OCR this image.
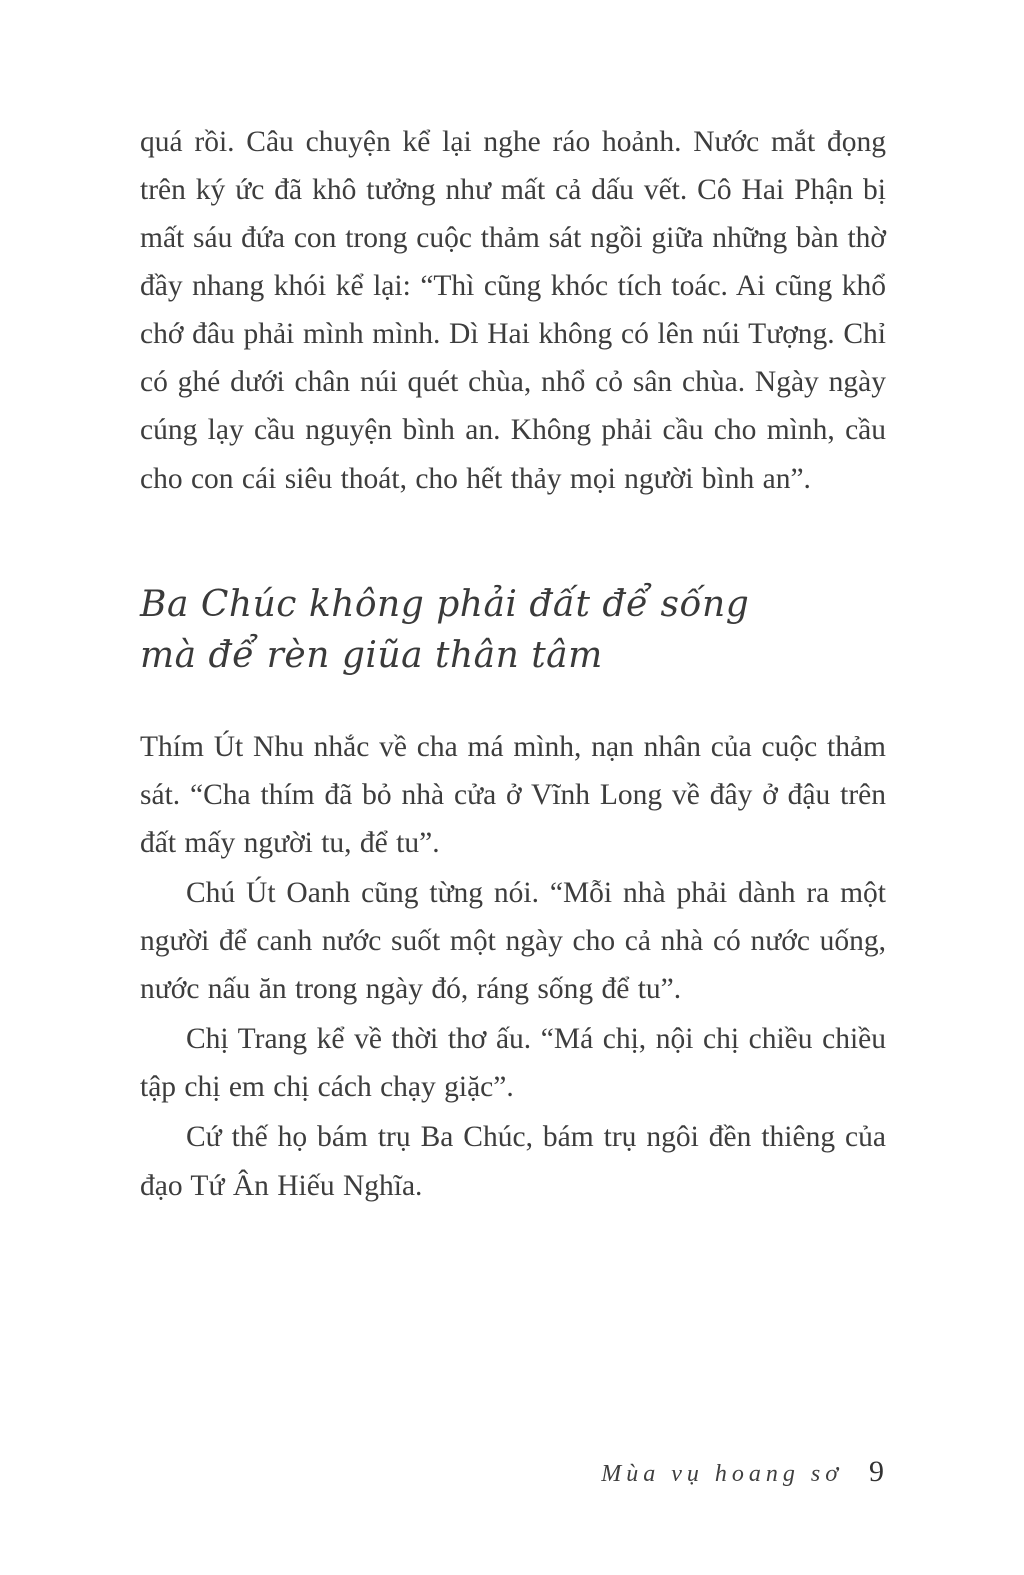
quá rồi. Câu chuyện kể lại nghe ráo hoảnh. Nước mắt đọng trên ký ức đã khô tưởng như mất cả dấu vết. Cô Hai Phận bị mất sáu đứa con trong cuộc thảm sát ngồi giữa những bàn thờ đầy nhang khói kể lại: “Thì cũng khóc tích toác. Ai cũng khổ chớ đâu phải mình mình. Dì Hai không có lên núi Tượng. Chỉ có ghé dưới chân núi quét chùa, nhổ cỏ sân chùa. Ngày ngày cúng lạy cầu nguyện bình an. Không phải cầu cho mình, cầu cho con cái siêu thoát, cho hết thảy mọi người bình an”.

Ba Chúc không phải đất để sống
mà để rèn giũa thân tâm

Thím Út Nhu nhắc về cha má mình, nạn nhân của cuộc thảm sát. “Cha thím đã bỏ nhà cửa ở Vĩnh Long về đây ở đậu trên đất mấy người tu, để tu”.

Chú Út Oanh cũng từng nói. “Mỗi nhà phải dành ra một người để canh nước suốt một ngày cho cả nhà có nước uống, nước nấu ăn trong ngày đó, ráng sống để tu”.

Chị Trang kể về thời thơ ấu. “Má chị, nội chị chiều chiều tập chị em chị cách chạy giặc”.

Cứ thế họ bám trụ Ba Chúc, bám trụ ngôi đền thiêng của đạo Tứ Ân Hiếu Nghĩa.

Mùa vụ hoang sơ 9
